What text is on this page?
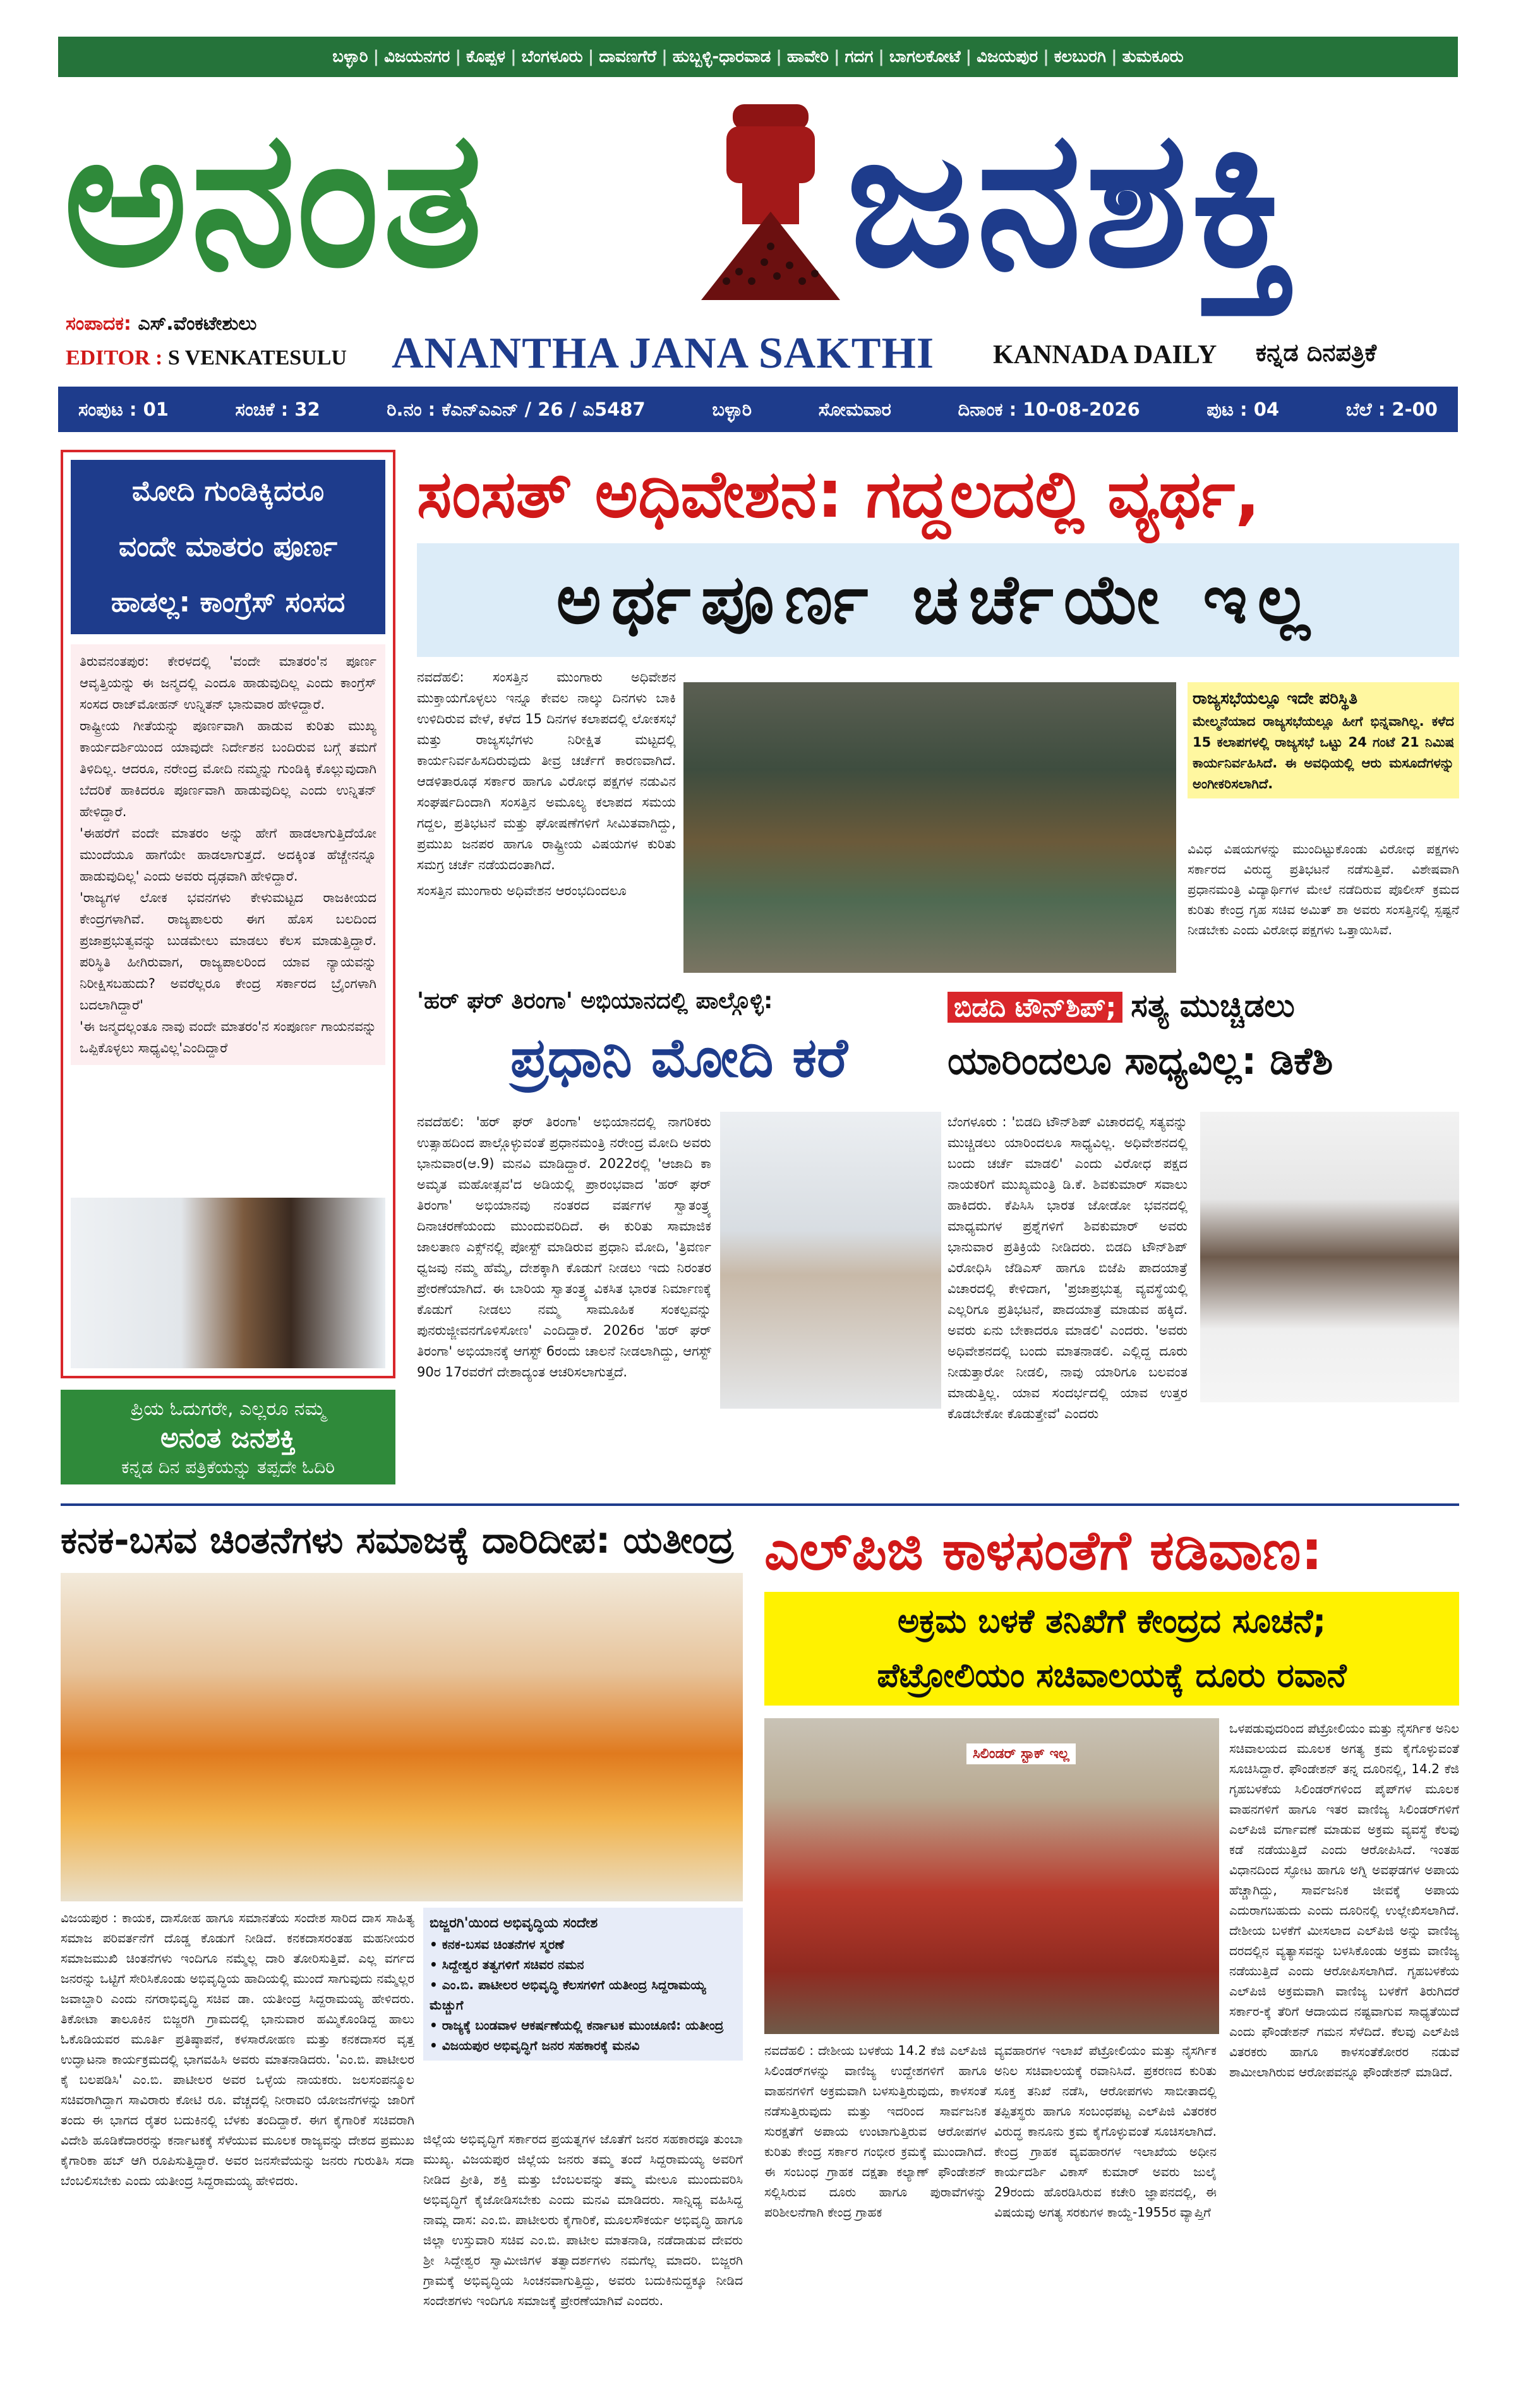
ಬಳ್ಳಾರಿ | ವಿಜಯನಗರ | ಕೊಪ್ಪಳ | ಬೆಂಗಳೂರು | ದಾವಣಗೆರೆ | ಹುಬ್ಬಳ್ಳಿ-ಧಾರವಾಡ | ಹಾವೇರಿ | ಗದಗ | ಬಾಗಲಕೋಟೆ | ವಿಜಯಪುರ | ಕಲಬುರಗಿ | ತುಮಕೂರು
ಅನಂತ ಜನಶಕ್ತಿ
ಸಂಪಾದಕ: ಎಸ್.ವೆಂಕಟೇಶುಲು
EDITOR : S VENKATESULU ANANTHA JANA SAKTHI KANNADA DAILY ಕನ್ನಡ ದಿನಪತ್ರಿಕೆ
ಸಂಪುಟ : 01	ಸಂಚಿಕೆ : 32	ರಿ.ನಂ : ಕೆಎನ್‌ಎಎನ್ / 26 / ಎ5487	ಬಳ್ಳಾರಿ	ಸೋಮವಾರ	ದಿನಾಂಕ : 10-08-2026	ಪುಟ : 04	ಬೆಲೆ : 2-00
ಮೋದಿ ಗುಂಡಿಕ್ಕಿದರೂ
ವಂದೇ ಮಾತರಂ ಪೂರ್ಣ
ಹಾಡಲ್ಲ: ಕಾಂಗ್ರೆಸ್ ಸಂಸದ

ತಿರುವನಂತಪುರ: ಕೇರಳದಲ್ಲಿ 'ವಂದೇ ಮಾತರಂ'ನ ಪೂರ್ಣ ಆವೃತ್ತಿಯನ್ನು ಈ ಜನ್ಮದಲ್ಲಿ ಎಂದೂ ಹಾಡುವುದಿಲ್ಲ ಎಂದು ಕಾಂಗ್ರೆಸ್ ಸಂಸದ ರಾಜ್‌ಮೋಹನ್ ಉನ್ನಿತನ್ ಭಾನುವಾರ ಹೇಳಿದ್ದಾರೆ.

ರಾಷ್ಟ್ರೀಯ ಗೀತೆಯನ್ನು ಪೂರ್ಣವಾಗಿ ಹಾಡುವ ಕುರಿತು ಮುಖ್ಯ ಕಾರ್ಯದರ್ಶಿಯಿಂದ ಯಾವುದೇ ನಿರ್ದೇಶನ ಬಂದಿರುವ ಬಗ್ಗೆ ತಮಗೆ ತಿಳಿದಿಲ್ಲ. ಆದರೂ, ನರೇಂದ್ರ ಮೋದಿ ನಮ್ಮನ್ನು ಗುಂಡಿಕ್ಕಿ ಕೊಲ್ಲುವುದಾಗಿ ಬೆದರಿಕೆ ಹಾಕಿದರೂ ಪೂರ್ಣವಾಗಿ ಹಾಡುವುದಿಲ್ಲ ಎಂದು ಉನ್ನಿತನ್ ಹೇಳಿದ್ದಾರೆ.

'ಈಹರೆಗೆ ವಂದೇ ಮಾತರಂ ಅನ್ನು ಹೇಗೆ ಹಾಡಲಾಗುತ್ತಿದೆಯೋ ಮುಂದೆಯೂ ಹಾಗೆಯೇ ಹಾಡಲಾಗುತ್ತದೆ. ಅದಕ್ಕಿಂತ ಹೆಚ್ಚೇನನ್ನೂ ಹಾಡುವುದಿಲ್ಲ' ಎಂದು ಅವರು ದೃಢವಾಗಿ ಹೇಳಿದ್ದಾರೆ.

'ರಾಜ್ಯಗಳ ಲೋಕ ಭವನಗಳು ಕೇಳುಮಟ್ಟದ ರಾಜಕೀಯದ ಕೇಂದ್ರಗಳಾಗಿವೆ. ರಾಜ್ಯಪಾಲರು ಈಗ ಹೊಸ ಬಲದಿಂದ ಪ್ರಜಾಪ್ರಭುತ್ವವನ್ನು ಬುಡಮೇಲು ಮಾಡಲು ಕೆಲಸ ಮಾಡುತ್ತಿದ್ದಾರೆ. ಪರಿಸ್ಥಿತಿ ಹೀಗಿರುವಾಗ, ರಾಜ್ಯಪಾಲರಿಂದ ಯಾವ ನ್ಯಾಯವನ್ನು ನಿರೀಕ್ಷಿಸಬಹುದು? ಅವರೆಲ್ಲರೂ ಕೇಂದ್ರ ಸರ್ಕಾರದ ಬ್ರೈಂಗಳಾಗಿ ಬದಲಾಗಿದ್ದಾರೆ'

'ಈ ಜನ್ಮದಲ್ಲಂತೂ ನಾವು ವಂದೇ ಮಾತರಂ'ನ ಸಂಪೂರ್ಣ ಗಾಯನವನ್ನು ಒಪ್ಪಿಕೊಳ್ಳಲು ಸಾಧ್ಯವಿಲ್ಲ'ಎಂದಿದ್ದಾರೆ

ಪ್ರಿಯ ಓದುಗರೇ, ಎಲ್ಲರೂ ನಮ್ಮ
ಅನಂತ ಜನಶಕ್ತಿ
ಕನ್ನಡ ದಿನ ಪತ್ರಿಕೆಯನ್ನು ತಪ್ಪದೇ ಓದಿರಿ
ಸಂಸತ್ ಅಧಿವೇಶನ: ಗದ್ದಲದಲ್ಲಿ ವ್ಯರ್ಥ,
ಅರ್ಥಪೂರ್ಣ ಚರ್ಚೆಯೇ ಇಲ್ಲ

ನವದೆಹಲಿ: ಸಂಸತ್ತಿನ ಮುಂಗಾರು ಅಧಿವೇಶನ ಮುಕ್ತಾಯಗೊಳ್ಳಲು ಇನ್ನೂ ಕೇವಲ ನಾಲ್ಕು ದಿನಗಳು ಬಾಕಿ ಉಳಿದಿರುವ ವೇಳೆ, ಕಳೆದ 15 ದಿನಗಳ ಕಲಾಪದಲ್ಲಿ ಲೋಕಸಭೆ ಮತ್ತು ರಾಜ್ಯಸಭೆಗಳು ನಿರೀಕ್ಷಿತ ಮಟ್ಟದಲ್ಲಿ ಕಾರ್ಯನಿರ್ವಹಿಸದಿರುವುದು ತೀವ್ರ ಚರ್ಚೆಗೆ ಕಾರಣವಾಗಿದೆ. ಆಡಳಿತಾರೂಢ ಸರ್ಕಾರ ಹಾಗೂ ವಿರೋಧ ಪಕ್ಷಗಳ ನಡುವಿನ ಸಂಘರ್ಷದಿಂದಾಗಿ ಸಂಸತ್ತಿನ ಅಮೂಲ್ಯ ಕಲಾಪದ ಸಮಯ ಗದ್ದಲ, ಪ್ರತಿಭಟನೆ ಮತ್ತು ಘೋಷಣೆಗಳಿಗೆ ಸೀಮಿತವಾಗಿದ್ದು, ಪ್ರಮುಖ ಜನಪರ ಹಾಗೂ ರಾಷ್ಟ್ರೀಯ ವಿಷಯಗಳ ಕುರಿತು ಸಮಗ್ರ ಚರ್ಚೆ ನಡೆಯದಂತಾಗಿದೆ.

ಸಂಸತ್ತಿನ ಮುಂಗಾರು ಅಧಿವೇಶನ ಆರಂಭದಿಂದಲೂ

ರಾಜ್ಯಸಭೆಯಲ್ಲೂ ಇದೇ ಪರಿಸ್ಥಿತಿ
ಮೇಲ್ಮನೆಯಾದ ರಾಜ್ಯಸಭೆಯಲ್ಲೂ ಹೀಗೆ ಭಿನ್ನವಾಗಿಲ್ಲ. ಕಳೆದ 15 ಕಲಾಪಗಳಲ್ಲಿ ರಾಜ್ಯಸಭೆ ಒಟ್ಟು 24 ಗಂಟೆ 21 ನಿಮಿಷ ಕಾರ್ಯನಿರ್ವಹಿಸಿದೆ. ಈ ಅವಧಿಯಲ್ಲಿ ಆರು ಮಸೂದೆಗಳನ್ನು ಅಂಗೀಕರಿಸಲಾಗಿದೆ.
ವಿವಿಧ ವಿಷಯಗಳನ್ನು ಮುಂದಿಟ್ಟುಕೊಂಡು ವಿರೋಧ ಪಕ್ಷಗಳು ಸರ್ಕಾರದ ವಿರುದ್ಧ ಪ್ರತಿಭಟನೆ ನಡೆಸುತ್ತಿವೆ. ವಿಶೇಷವಾಗಿ ಪ್ರಧಾನಮಂತ್ರಿ ವಿದ್ಯಾರ್ಥಿಗಳ ಮೇಲೆ ನಡೆದಿರುವ ಪೊಲೀಸ್ ಕ್ರಮದ ಕುರಿತು ಕೇಂದ್ರ ಗೃಹ ಸಚಿವ ಅಮಿತ್ ಶಾ ಅವರು ಸಂಸತ್ತಿನಲ್ಲಿ ಸ್ಪಷ್ಟನೆ ನೀಡಬೇಕು ಎಂದು ವಿರೋಧ ಪಕ್ಷಗಳು ಒತ್ತಾಯಿಸಿವೆ.
'ಹರ್ ಘರ್ ತಿರಂಗಾ' ಅಭಿಯಾನದಲ್ಲಿ ಪಾಲ್ಗೊಳ್ಳಿ:
ಪ್ರಧಾನಿ ಮೋದಿ ಕರೆ

ನವದೆಹಲಿ: 'ಹರ್ ಘರ್ ತಿರಂಗಾ' ಅಭಿಯಾನದಲ್ಲಿ ನಾಗರಿಕರು ಉತ್ಸಾಹದಿಂದ ಪಾಲ್ಗೊಳ್ಳುವಂತೆ ಪ್ರಧಾನಮಂತ್ರಿ ನರೇಂದ್ರ ಮೋದಿ ಅವರು ಭಾನುವಾರ(ಆ.9) ಮನವಿ ಮಾಡಿದ್ದಾರೆ. 2022ರಲ್ಲಿ 'ಆಜಾದಿ ಕಾ ಅಮೃತ ಮಹೋತ್ಸವ'ದ ಅಡಿಯಲ್ಲಿ ಪ್ರಾರಂಭವಾದ 'ಹರ್ ಘರ್ ತಿರಂಗಾ' ಅಭಿಯಾನವು ನಂತರದ ವರ್ಷಗಳ ಸ್ವಾತಂತ್ರ್ಯ ದಿನಾಚರಣೆಯಂದು ಮುಂದುವರಿದಿದೆ. ಈ ಕುರಿತು ಸಾಮಾಜಿಕ ಜಾಲತಾಣ ಎಕ್ಸ್‌ನಲ್ಲಿ ಪೋಸ್ಟ್ ಮಾಡಿರುವ ಪ್ರಧಾನಿ ಮೋದಿ, 'ತ್ರಿವರ್ಣ ಧ್ವಜವು ನಮ್ಮ ಹೆಮ್ಮೆ, ದೇಶಕ್ಕಾಗಿ ಕೊಡುಗೆ ನೀಡಲು ಇದು ನಿರಂತರ ಪ್ರೇರಣೆಯಾಗಿದೆ. ಈ ಬಾರಿಯ ಸ್ವಾತಂತ್ರ್ಯ ವಿಕಸಿತ ಭಾರತ ನಿರ್ಮಾಣಕ್ಕೆ ಕೊಡುಗೆ ನೀಡಲು ನಮ್ಮ ಸಾಮೂಹಿಕ ಸಂಕಲ್ಪವನ್ನು ಪುನರುಜ್ಜೀವನಗೊಳಿಸೋಣ' ಎಂದಿದ್ದಾರೆ. 2026ರ 'ಹರ್ ಘರ್ ತಿರಂಗಾ' ಅಭಿಯಾನಕ್ಕೆ ಆಗಸ್ಟ್ 6ರಂದು ಚಾಲನೆ ನೀಡಲಾಗಿದ್ದು, ಆಗಸ್ಟ್ 90ರ 17ರವರೆಗೆ ದೇಶಾದ್ಯಂತ ಆಚರಿಸಲಾಗುತ್ತದೆ.

ಬಿಡದಿ ಟೌನ್‌ಶಿಪ್; ಸತ್ಯ ಮುಚ್ಚಿಡಲು
ಯಾರಿಂದಲೂ ಸಾಧ್ಯವಿಲ್ಲ: ಡಿಕೆಶಿ

ಬೆಂಗಳೂರು : 'ಬಿಡದಿ ಟೌನ್‌ಶಿಪ್ ವಿಚಾರದಲ್ಲಿ ಸತ್ಯವನ್ನು ಮುಚ್ಚಿಡಲು ಯಾರಿಂದಲೂ ಸಾಧ್ಯವಿಲ್ಲ. ಅಧಿವೇಶನದಲ್ಲಿ ಬಂದು ಚರ್ಚೆ ಮಾಡಲಿ' ಎಂದು ವಿರೋಧ ಪಕ್ಷದ ನಾಯಕರಿಗೆ ಮುಖ್ಯಮಂತ್ರಿ ಡಿ.ಕೆ. ಶಿವಕುಮಾರ್ ಸವಾಲು ಹಾಕಿದರು. ಕೆಪಿಸಿಸಿ ಭಾರತ ಜೋಡೋ ಭವನದಲ್ಲಿ ಮಾಧ್ಯಮಗಳ ಪ್ರಶ್ನೆಗಳಿಗೆ ಶಿವಕುಮಾರ್ ಅವರು ಭಾನುವಾರ ಪ್ರತಿಕ್ರಿಯೆ ನೀಡಿದರು. ಬಿಡದಿ ಟೌನ್‌ಶಿಪ್ ವಿರೋಧಿಸಿ ಜೆಡಿಎಸ್ ಹಾಗೂ ಬಿಜೆಪಿ ಪಾದಯಾತ್ರೆ ವಿಚಾರದಲ್ಲಿ ಕೇಳಿದಾಗ, 'ಪ್ರಜಾಪ್ರಭುತ್ವ ವ್ಯವಸ್ಥೆಯಲ್ಲಿ ಎಲ್ಲರಿಗೂ ಪ್ರತಿಭಟನೆ, ಪಾದಯಾತ್ರೆ ಮಾಡುವ ಹಕ್ಕಿದೆ. ಅವರು ಏನು ಬೇಕಾದರೂ ಮಾಡಲಿ' ಎಂದರು. 'ಅವರು ಅಧಿವೇಶನದಲ್ಲಿ ಬಂದು ಮಾತನಾಡಲಿ. ಎಲ್ಲಿದ್ದ ದೂರು ನೀಡುತ್ತಾರೋ ನೀಡಲಿ, ನಾವು ಯಾರಿಗೂ ಬಲವಂತ ಮಾಡುತ್ತಿಲ್ಲ. ಯಾವ ಸಂದರ್ಭದಲ್ಲಿ ಯಾವ ಉತ್ತರ ಕೊಡಬೇಕೋ ಕೊಡುತ್ತೇವೆ' ಎಂದರು

ಕನಕ-ಬಸವ ಚಿಂತನೆಗಳು ಸಮಾಜಕ್ಕೆ ದಾರಿದೀಪ: ಯತೀಂದ್ರ
ವಿಜಯಪುರ : ಕಾಯಕ, ದಾಸೋಹ ಹಾಗೂ ಸಮಾನತೆಯ ಸಂದೇಶ ಸಾರಿದ ದಾಸ ಸಾಹಿತ್ಯ ಸಮಾಜ ಪರಿವರ್ತನೆಗೆ ದೊಡ್ಡ ಕೊಡುಗೆ ನೀಡಿದೆ. ಕನಕದಾಸರಂತಹ ಮಹನೀಯರ ಸಮಾಜಮುಖಿ ಚಿಂತನೆಗಳು ಇಂದಿಗೂ ನಮ್ಮೆಲ್ಲ ದಾರಿ ತೋರಿಸುತ್ತಿವೆ. ಎಲ್ಲ ವರ್ಗದ ಜನರನ್ನು ಒಟ್ಟಿಗೆ ಸೇರಿಸಿಕೊಂಡು ಅಭಿವೃದ್ಧಿಯ ಹಾದಿಯಲ್ಲಿ ಮುಂದೆ ಸಾಗುವುದು ನಮ್ಮೆಲ್ಲರ ಜವಾಬ್ದಾರಿ ಎಂದು ನಗರಾಭಿವೃದ್ಧಿ ಸಚಿವ ಡಾ. ಯತೀಂದ್ರ ಸಿದ್ದರಾಮಯ್ಯ ಹೇಳಿದರು. ತಿಕೋಟಾ ತಾಲೂಕಿನ ಬಿಜ್ಜರಗಿ ಗ್ರಾಮದಲ್ಲಿ ಭಾನುವಾರ ಹಮ್ಮಿಕೊಂಡಿದ್ದ ಹಾಲು ಓಕೊಡಿಯವರ ಮೂರ್ತಿ ಪ್ರತಿಷ್ಠಾಪನೆ, ಕಳಸಾರೋಹಣ ಮತ್ತು ಕನಕದಾಸರ ವೃತ್ತ ಉದ್ಘಾಟನಾ ಕಾರ್ಯಕ್ರಮದಲ್ಲಿ ಭಾಗವಹಿಸಿ ಅವರು ಮಾತನಾಡಿದರು. 'ಎಂ.ಬಿ. ಪಾಟೀಲರ ಕೈ ಬಲಪಡಿಸಿ' ಎಂ.ಬಿ. ಪಾಟೀಲರ ಅವರ ಒಳ್ಳೆಯ ನಾಯಕರು. ಜಲಸಂಪನ್ಮೂಲ ಸಚಿವರಾಗಿದ್ದಾಗ ಸಾವಿರಾರು ಕೋಟಿ ರೂ. ವೆಚ್ಚದಲ್ಲಿ ನೀರಾವರಿ ಯೋಜನೆಗಳನ್ನು ಜಾರಿಗೆ ತಂದು ಈ ಭಾಗದ ರೈತರ ಬದುಕಿನಲ್ಲಿ ಬೆಳಕು ತಂದಿದ್ದಾರೆ. ಈಗ ಕೈಗಾರಿಕೆ ಸಚಿವರಾಗಿ ವಿದೇಶಿ ಹೂಡಿಕೆದಾರರನ್ನು ಕರ್ನಾಟಕಕ್ಕೆ ಸೆಳೆಯುವ ಮೂಲಕ ರಾಜ್ಯವನ್ನು ದೇಶದ ಪ್ರಮುಖ ಕೈಗಾರಿಕಾ ಹಬ್ ಆಗಿ ರೂಪಿಸುತ್ತಿದ್ದಾರೆ. ಅವರ ಜನಸೇವೆಯನ್ನು ಜನರು ಗುರುತಿಸಿ ಸದಾ ಬೆಂಬಲಿಸಬೇಕು ಎಂದು ಯತೀಂದ್ರ ಸಿದ್ದರಾಮಯ್ಯ ಹೇಳಿದರು.
ಬಿಜ್ಜರಗಿ'ಯಿಂದ ಅಭಿವೃದ್ಧಿಯ ಸಂದೇಶ
• ಕನಕ-ಬಸವ ಚಿಂತನೆಗಳ ಸ್ಮರಣೆ
• ಸಿದ್ದೇಶ್ವರ ತತ್ವಗಳಿಗೆ ಸಚಿವರ ನಮನ
• ಎಂ.ಬಿ. ಪಾಟೀಲರ ಅಭಿವೃದ್ಧಿ ಕೆಲಸಗಳಿಗೆ ಯತೀಂದ್ರ ಸಿದ್ದರಾಮಯ್ಯ ಮೆಚ್ಚುಗೆ
• ರಾಜ್ಯಕ್ಕೆ ಬಂಡವಾಳ ಆಕರ್ಷಣೆಯಲ್ಲಿ ಕರ್ನಾಟಕ ಮುಂಚೂಣಿ: ಯತೀಂದ್ರ
• ವಿಜಯಪುರ ಅಭಿವೃದ್ಧಿಗೆ ಜನರ ಸಹಕಾರಕ್ಕೆ ಮನವಿ
ಜಿಲ್ಲೆಯ ಅಭಿವೃದ್ಧಿಗೆ ಸರ್ಕಾರದ ಪ್ರಯತ್ನಗಳ ಜೊತೆಗೆ ಜನರ ಸಹಕಾರವೂ ತುಂಬಾ ಮುಖ್ಯ. ವಿಜಯಪುರ ಜಿಲ್ಲೆಯ ಜನರು ತಮ್ಮ ತಂದೆ ಸಿದ್ದರಾಮಯ್ಯ ಅವರಿಗೆ ನೀಡಿದ ಪ್ರೀತಿ, ಶಕ್ತಿ ಮತ್ತು ಬೆಂಬಲವನ್ನು ತಮ್ಮ ಮೇಲೂ ಮುಂದುವರಿಸಿ ಅಭಿವೃದ್ಧಿಗೆ ಕೈಜೋಡಿಸಬೇಕು ಎಂದು ಮನವಿ ಮಾಡಿದರು. ಸಾನ್ನಿಧ್ಯ ವಹಿಸಿದ್ದ ನಾಮ್ಲ ದಾಸ: ಎಂ.ಬಿ. ಪಾಟೀಲರು ಕೈಗಾರಿಕೆ, ಮೂಲಸೌಕರ್ಯ ಅಭಿವೃದ್ಧಿ ಹಾಗೂ ಜಿಲ್ಲಾ ಉಸ್ತುವಾರಿ ಸಚಿವ ಎಂ.ಬಿ. ಪಾಟೀಲ ಮಾತನಾಡಿ, ನಡೆದಾಡುವ ದೇವರು ಶ್ರೀ ಸಿದ್ದೇಶ್ವರ ಸ್ವಾಮೀಜಿಗಳ ತತ್ವಾದರ್ಶಗಳು ನಮಗೆಲ್ಲ ಮಾದರಿ. ಬಿಜ್ಜರಗಿ ಗ್ರಾಮಕ್ಕೆ ಅಭಿವೃದ್ಧಿಯ ಸಿಂಚನವಾಗುತ್ತಿದ್ದು, ಅವರು ಬದುಕಿನುದ್ದಕ್ಕೂ ನೀಡಿದ ಸಂದೇಶಗಳು ಇಂದಿಗೂ ಸಮಾಜಕ್ಕೆ ಪ್ರೇರಣೆಯಾಗಿವೆ ಎಂದರು.
ಎಲ್‌ಪಿಜಿ ಕಾಳಸಂತೆಗೆ ಕಡಿವಾಣ:
ಅಕ್ರಮ ಬಳಕೆ ತನಿಖೆಗೆ ಕೇಂದ್ರದ ಸೂಚನೆ;
ಪೆಟ್ರೋಲಿಯಂ ಸಚಿವಾಲಯಕ್ಕೆ ದೂರು ರವಾನೆ
ಸಿಲಿಂಡರ್ ಸ್ಟಾಕ್ ಇಲ್ಲ
ನವದೆಹಲಿ : ದೇಶೀಯ ಬಳಕೆಯ 14.2 ಕೆಜಿ ಎಲ್‌ಪಿಜಿ ಸಿಲಿಂಡರ್‌ಗಳನ್ನು ವಾಣಿಜ್ಯ ಉದ್ದೇಶಗಳಿಗೆ ಹಾಗೂ ವಾಹನಗಳಿಗೆ ಅಕ್ರಮವಾಗಿ ಬಳಸುತ್ತಿರುವುದು, ಕಾಳಸಂತೆ ನಡೆಸುತ್ತಿರುವುದು ಮತ್ತು ಇದರಿಂದ ಸಾರ್ವಜನಿಕ ಸುರಕ್ಷತೆಗೆ ಅಪಾಯ ಉಂಟಾಗುತ್ತಿರುವ ಆರೋಪಗಳ ಕುರಿತು ಕೇಂದ್ರ ಸರ್ಕಾರ ಗಂಭೀರ ಕ್ರಮಕ್ಕೆ ಮುಂದಾಗಿದೆ. ಈ ಸಂಬಂಧ ಗ್ರಾಹಕ ದಕ್ಷತಾ ಕಲ್ಯಾಣ್ ಫೌಂಡೇಶನ್ ಸಲ್ಲಿಸಿರುವ ದೂರು ಹಾಗೂ ಪುರಾವೆಗಳನ್ನು ಪರಿಶೀಲನೆಗಾಗಿ ಕೇಂದ್ರ ಗ್ರಾಹಕ
ವ್ಯವಹಾರಗಳ ಇಲಾಖೆ ಪೆಟ್ರೋಲಿಯಂ ಮತ್ತು ನೈಸರ್ಗಿಕ ಅನಿಲ ಸಚಿವಾಲಯಕ್ಕೆ ರವಾನಿಸಿದೆ. ಪ್ರಕರಣದ ಕುರಿತು ಸೂಕ್ತ ತನಿಖೆ ನಡೆಸಿ, ಆರೋಪಗಳು ಸಾಬೀತಾದಲ್ಲಿ ತಪ್ಪಿತಸ್ಥರು ಹಾಗೂ ಸಂಬಂಧಪಟ್ಟ ಎಲ್‌ಪಿಜಿ ವಿತರಕರ ವಿರುದ್ಧ ಕಾನೂನು ಕ್ರಮ ಕೈಗೊಳ್ಳುವಂತೆ ಸೂಚಿಸಲಾಗಿದೆ. ಕೇಂದ್ರ ಗ್ರಾಹಕ ವ್ಯವಹಾರಗಳ ಇಲಾಖೆಯ ಅಧೀನ ಕಾರ್ಯದರ್ಶಿ ವಿಕಾಸ್ ಕುಮಾರ್ ಅವರು ಜುಲೈ 29ರಂದು ಹೊರಡಿಸಿರುವ ಕಚೇರಿ ಜ್ಞಾಪನದಲ್ಲಿ, ಈ ವಿಷಯವು ಅಗತ್ಯ ಸರಕುಗಳ ಕಾಯ್ದೆ-1955ರ ವ್ಯಾಪ್ತಿಗೆ
ಒಳಪಡುವುದರಿಂದ ಪೆಟ್ರೋಲಿಯಂ ಮತ್ತು ನೈಸರ್ಗಿಕ ಅನಿಲ ಸಚಿವಾಲಯದ ಮೂಲಕ ಅಗತ್ಯ ಕ್ರಮ ಕೈಗೊಳ್ಳುವಂತೆ ಸೂಚಿಸಿದ್ದಾರೆ. ಫೌಂಡೇಶನ್ ತನ್ನ ದೂರಿನಲ್ಲಿ, 14.2 ಕೆಜಿ ಗೃಹಬಳಕೆಯ ಸಿಲಿಂಡರ್‌ಗಳಿಂದ ಪೈಪ್‌ಗಳ ಮೂಲಕ ವಾಹನಗಳಿಗೆ ಹಾಗೂ ಇತರ ವಾಣಿಜ್ಯ ಸಿಲಿಂಡರ್‌ಗಳಿಗೆ ಎಲ್‌ಪಿಜಿ ವರ್ಗಾವಣೆ ಮಾಡುವ ಅಕ್ರಮ ವ್ಯವಸ್ಥೆ ಕೆಲವು ಕಡೆ ನಡೆಯುತ್ತಿದೆ ಎಂದು ಆರೋಪಿಸಿದೆ. ಇಂತಹ ವಿಧಾನದಿಂದ ಸ್ಫೋಟ ಹಾಗೂ ಅಗ್ನಿ ಅವಘಡಗಳ ಅಪಾಯ ಹೆಚ್ಚಾಗಿದ್ದು, ಸಾರ್ವಜನಿಕ ಜೀವಕ್ಕೆ ಅಪಾಯ ಎದುರಾಗಬಹುದು ಎಂದು ದೂರಿನಲ್ಲಿ ಉಲ್ಲೇಖಿಸಲಾಗಿದೆ. ದೇಶೀಯ ಬಳಕೆಗೆ ಮೀಸಲಾದ ಎಲ್‌ಪಿಜಿ ಅನ್ನು ವಾಣಿಜ್ಯ ದರದಲ್ಲಿನ ವ್ಯತ್ಯಾಸವನ್ನು ಬಳಸಿಕೊಂಡು ಅಕ್ರಮ ವಾಣಿಜ್ಯ ನಡೆಯುತ್ತಿದೆ ಎಂದು ಆರೋಪಿಸಲಾಗಿದೆ. ಗೃಹಬಳಕೆಯ ಎಲ್‌ಪಿಜಿ ಅಕ್ರಮವಾಗಿ ವಾಣಿಜ್ಯ ಬಳಕೆಗೆ ತಿರುಗಿದರೆ ಸರ್ಕಾರ-ಕ್ಕೆ ತೆರಿಗೆ ಆದಾಯದ ನಷ್ಟವಾಗುವ ಸಾಧ್ಯತೆಯಿದೆ ಎಂದು ಫೌಂಡೇಶನ್ ಗಮನ ಸೆಳೆದಿದೆ. ಕೆಲವು ಎಲ್‌ಪಿಜಿ ವಿತರಕರು ಹಾಗೂ ಕಾಳಸಂತೆಕೋರರ ನಡುವೆ ಶಾಮೀಲಾಗಿರುವ ಆರೋಪವನ್ನೂ ಫೌಂಡೇಶನ್ ಮಾಡಿದೆ.
